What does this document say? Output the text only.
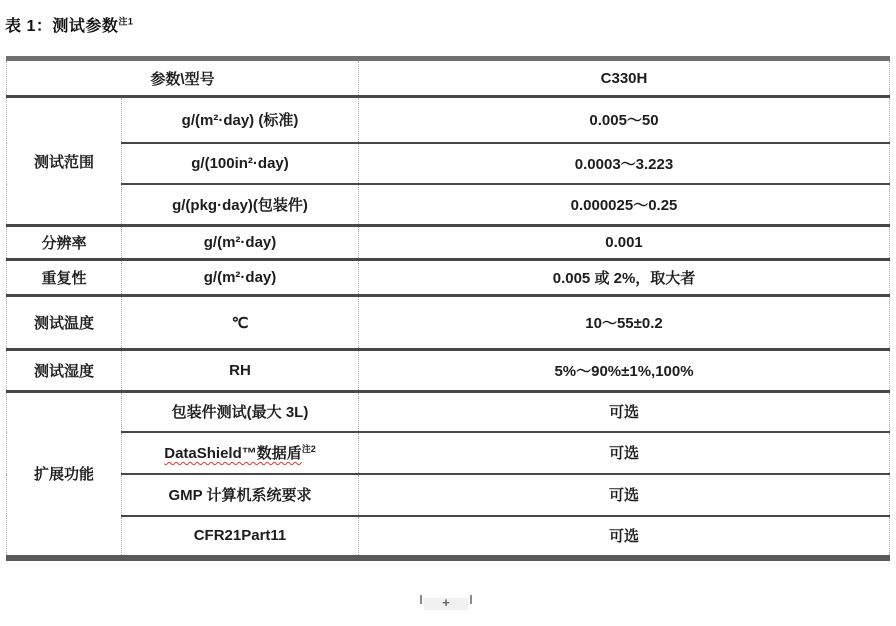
表 1：测试参数$^{注1}$
参数\型号		C330H
测试范围	g/(m²·day) (标准)	0.005～50
	g/(100in²·day)	0.0003～3.223
	g/(pkg·day)(包装件)	0.000025～0.25
分辨率	g/(m²·day)	0.001
重复性	g/(m²·day)	0.005 或 2%，取大者
测试温度	℃	10～55±0.2
测试湿度	RH	5%～90%±1%,100%
扩展功能	包装件测试(最大 3L)	可选
	DataShield™数据盾$^{注2}$	可选
	GMP 计算机系统要求	可选
	CFR21Part11	可选
+
